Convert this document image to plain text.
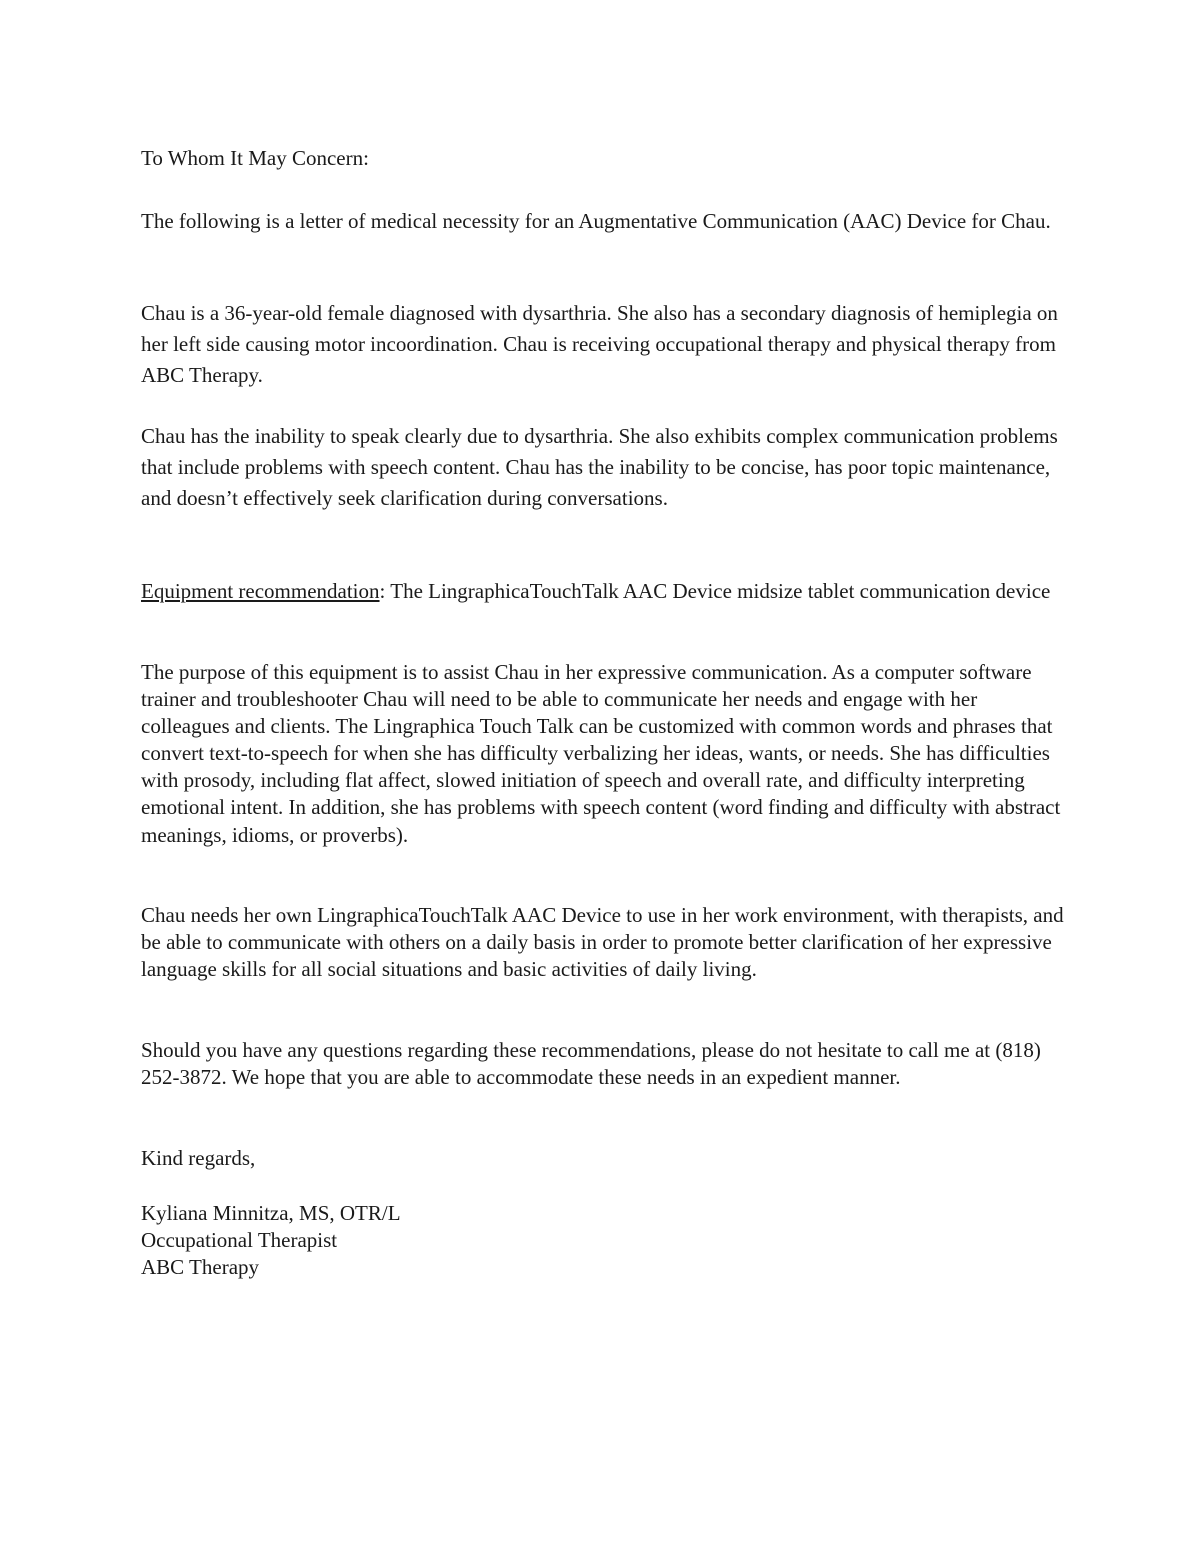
To Whom It May Concern:

The following is a letter of medical necessity for an Augmentative Communication (AAC) Device for Chau.

Chau is a 36-year-old female diagnosed with dysarthria. She also has a secondary diagnosis of hemiplegia on her left side causing motor incoordination. Chau is receiving occupational therapy and physical therapy from ABC Therapy.

Chau has the inability to speak clearly due to dysarthria. She also exhibits complex communication problems that include problems with speech content. Chau has the inability to be concise, has poor topic maintenance, and doesn’t effectively seek clarification during conversations.

Equipment recommendation: The LingraphicaTouchTalk AAC Device midsize tablet communication device

The purpose of this equipment is to assist Chau in her expressive communication. As a computer software trainer and troubleshooter Chau will need to be able to communicate her needs and engage with her colleagues and clients. The Lingraphica Touch Talk can be customized with common words and phrases that convert text-to-speech for when she has difficulty verbalizing her ideas, wants, or needs. She has difficulties with prosody, including flat affect, slowed initiation of speech and overall rate, and difficulty interpreting emotional intent. In addition, she has problems with speech content (word finding and difficulty with abstract meanings, idioms, or proverbs).

Chau needs her own LingraphicaTouchTalk AAC Device to use in her work environment, with therapists, and be able to communicate with others on a daily basis in order to promote better clarification of her expressive language skills for all social situations and basic activities of daily living.

Should you have any questions regarding these recommendations, please do not hesitate to call me at (818) 252-3872. We hope that you are able to accommodate these needs in an expedient manner.

Kind regards,

Kyliana Minnitza, MS, OTR/L
Occupational Therapist
ABC Therapy
